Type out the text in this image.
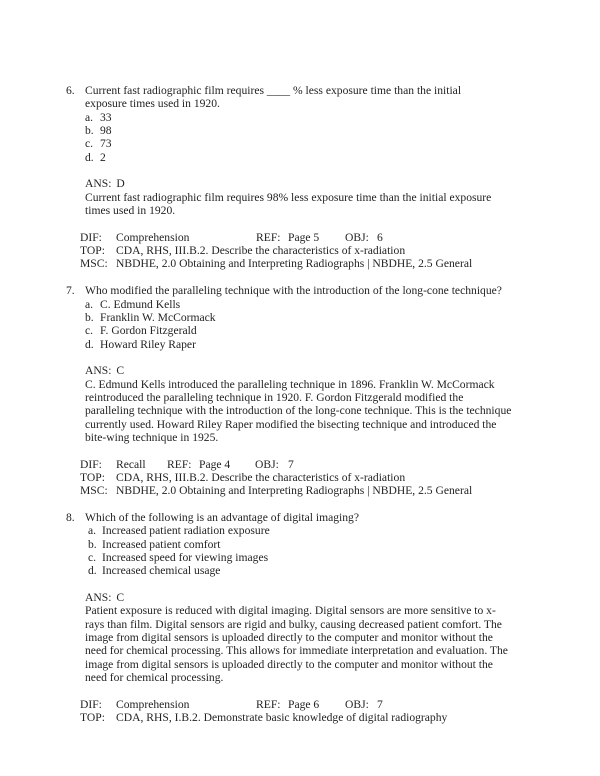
6. Current fast radiographic film requires ____ % less exposure time than the initial exposure times used in 1920.
a. 33
b. 98
c. 73
d. 2
ANS: D
Current fast radiographic film requires 98% less exposure time than the initial exposure times used in 1920.
DIF: Comprehension	REF: Page 5 OBJ: 6
TOP: CDA, RHS, III.B.2. Describe the characteristics of x-radiation
MSC: NBDHE, 2.0 Obtaining and Interpreting Radiographs | NBDHE, 2.5 General
7. Who modified the paralleling technique with the introduction of the long-cone technique?
a. C. Edmund Kells
b. Franklin W. McCormack
c. F. Gordon Fitzgerald
d. Howard Riley Raper
ANS: C
C. Edmund Kells introduced the paralleling technique in 1896. Franklin W. McCormack reintroduced the paralleling technique in 1920. F. Gordon Fitzgerald modified the paralleling technique with the introduction of the long-cone technique. This is the technique currently used. Howard Riley Raper modified the bisecting technique and introduced the bite-wing technique in 1925.
DIF: Recall REF: Page 4 OBJ: 7
TOP: CDA, RHS, III.B.2. Describe the characteristics of x-radiation
MSC: NBDHE, 2.0 Obtaining and Interpreting Radiographs | NBDHE, 2.5 General
8. Which of the following is an advantage of digital imaging?
a. Increased patient radiation exposure
b. Increased patient comfort
c. Increased speed for viewing images
d. Increased chemical usage
ANS: C
Patient exposure is reduced with digital imaging. Digital sensors are more sensitive to x-rays than film. Digital sensors are rigid and bulky, causing decreased patient comfort. The image from digital sensors is uploaded directly to the computer and monitor without the need for chemical processing. This allows for immediate interpretation and evaluation. The image from digital sensors is uploaded directly to the computer and monitor without the need for chemical processing.
DIF: Comprehension	REF: Page 6 OBJ: 7
TOP: CDA, RHS, I.B.2. Demonstrate basic knowledge of digital radiography
